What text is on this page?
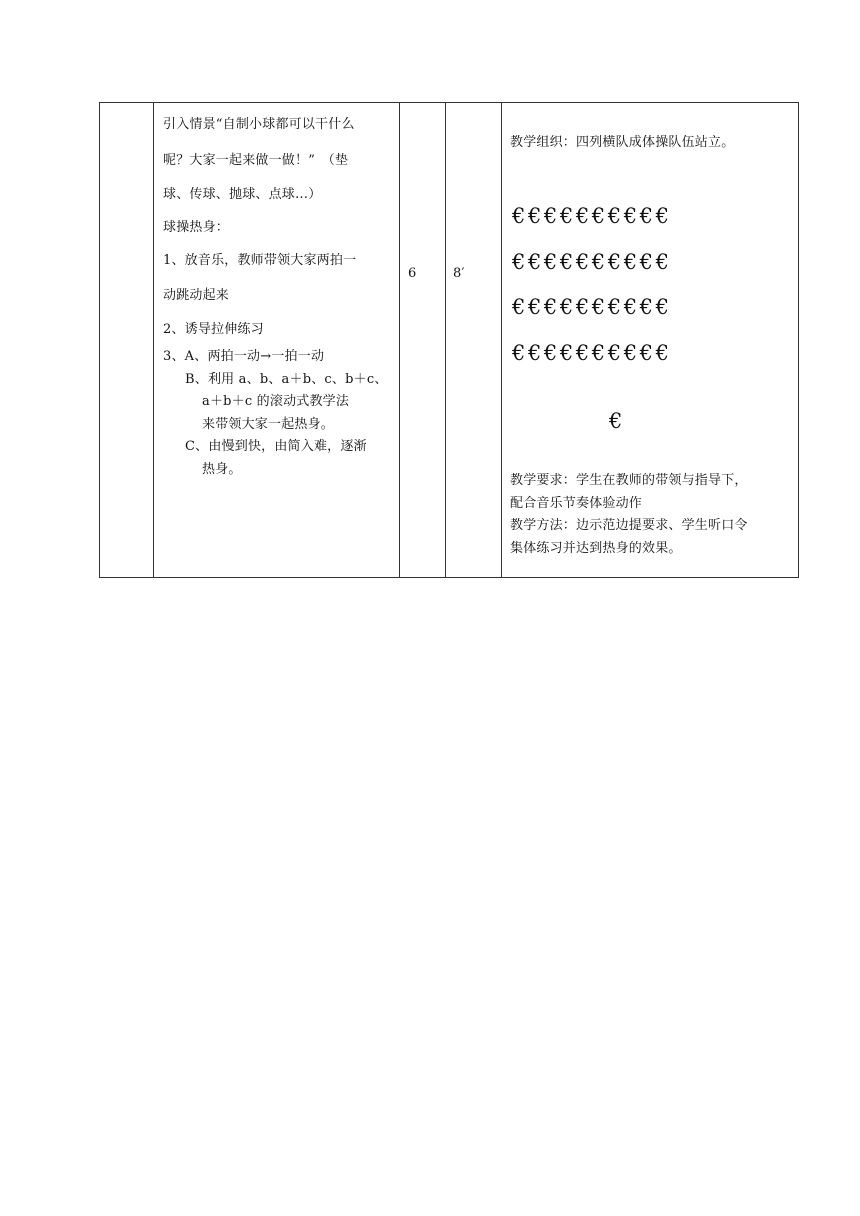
引入情景“自制小球都可以干什么
呢？大家一起来做一做！”　（垫
球、传球、抛球、点球…）
球操热身：
1、放音乐，教师带领大家两拍一
动跳动起来
2、诱导拉伸练习
3、A、两拍一动→一拍一动
B、利用 a、b、a＋b、c、b＋c、
a＋b＋c 的滚动式教学法
来带领大家一起热身。
C、由慢到快，由简入难，逐渐
热身。
6	8′
教学组织：四列横队成体操队伍站立。
€€€€€€€€€€
€€€€€€€€€€
€€€€€€€€€€
€€€€€€€€€€
€
教学要求：学生在教师的带领与指导下，
配合音乐节奏体验动作
教学方法：边示范边提要求、学生听口令
集体练习并达到热身的效果。
